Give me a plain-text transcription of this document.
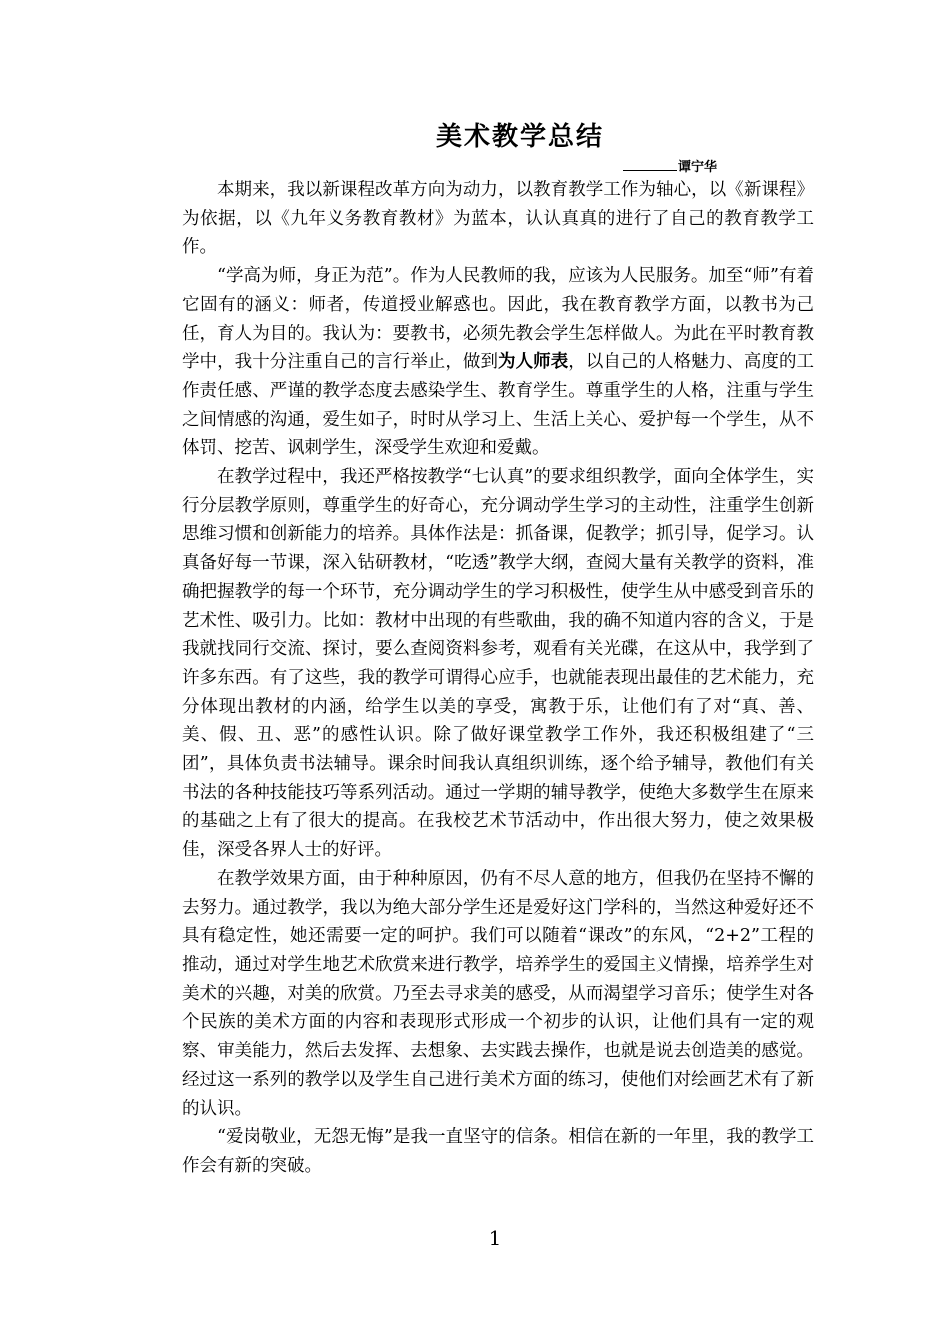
美术教学总结
谭宁华

本期来，我以新课程改革方向为动力，以教育教学工作为轴心，以《新课程》为依据，以《九年义务教育教材》为蓝本，认认真真的进行了自己的教育教学工作。

“学高为师，身正为范”。作为人民教师的我，应该为人民服务。加至“师”有着它固有的涵义：师者，传道授业解惑也。因此，我在教育教学方面，以教书为己任，育人为目的。我认为：要教书，必须先教会学生怎样做人。为此在平时教育教学中，我十分注重自己的言行举止，做到为人师表，以自己的人格魅力、高度的工作责任感、严谨的教学态度去感染学生、教育学生。尊重学生的人格，注重与学生之间情感的沟通，爱生如子，时时从学习上、生活上关心、爱护每一个学生，从不体罚、挖苦、讽刺学生，深受学生欢迎和爱戴。

在教学过程中，我还严格按教学“七认真”的要求组织教学，面向全体学生，实行分层教学原则，尊重学生的好奇心，充分调动学生学习的主动性，注重学生创新思维习惯和创新能力的培养。具体作法是：抓备课，促教学；抓引导，促学习。认真备好每一节课，深入钻研教材，“吃透”教学大纲，查阅大量有关教学的资料，准确把握教学的每一个环节，充分调动学生的学习积极性，使学生从中感受到音乐的艺术性、吸引力。比如：教材中出现的有些歌曲，我的确不知道内容的含义，于是我就找同行交流、探讨，要么查阅资料参考，观看有关光碟，在这从中，我学到了许多东西。有了这些，我的教学可谓得心应手，也就能表现出最佳的艺术能力，充分体现出教材的内涵，给学生以美的享受，寓教于乐，让他们有了对“真、善、美、假、丑、恶”的感性认识。除了做好课堂教学工作外，我还积极组建了“三团”，具体负责书法辅导。课余时间我认真组织训练，逐个给予辅导，教他们有关书法的各种技能技巧等系列活动。通过一学期的辅导教学，使绝大多数学生在原来的基础之上有了很大的提高。在我校艺术节活动中，作出很大努力，使之效果极佳，深受各界人士的好评。

在教学效果方面，由于种种原因，仍有不尽人意的地方，但我仍在坚持不懈的去努力。通过教学，我以为绝大部分学生还是爱好这门学科的，当然这种爱好还不具有稳定性，她还需要一定的呵护。我们可以随着“课改”的东风，“2+2”工程的推动，通过对学生地艺术欣赏来进行教学，培养学生的爱国主义情操，培养学生对美术的兴趣，对美的欣赏。乃至去寻求美的感受，从而渴望学习音乐；使学生对各个民族的美术方面的内容和表现形式形成一个初步的认识，让他们具有一定的观察、审美能力，然后去发挥、去想象、去实践去操作，也就是说去创造美的感觉。经过这一系列的教学以及学生自己进行美术方面的练习，使他们对绘画艺术有了新的认识。

“爱岗敬业，无怨无悔”是我一直坚守的信条。相信在新的一年里，我的教学工作会有新的突破。

1
